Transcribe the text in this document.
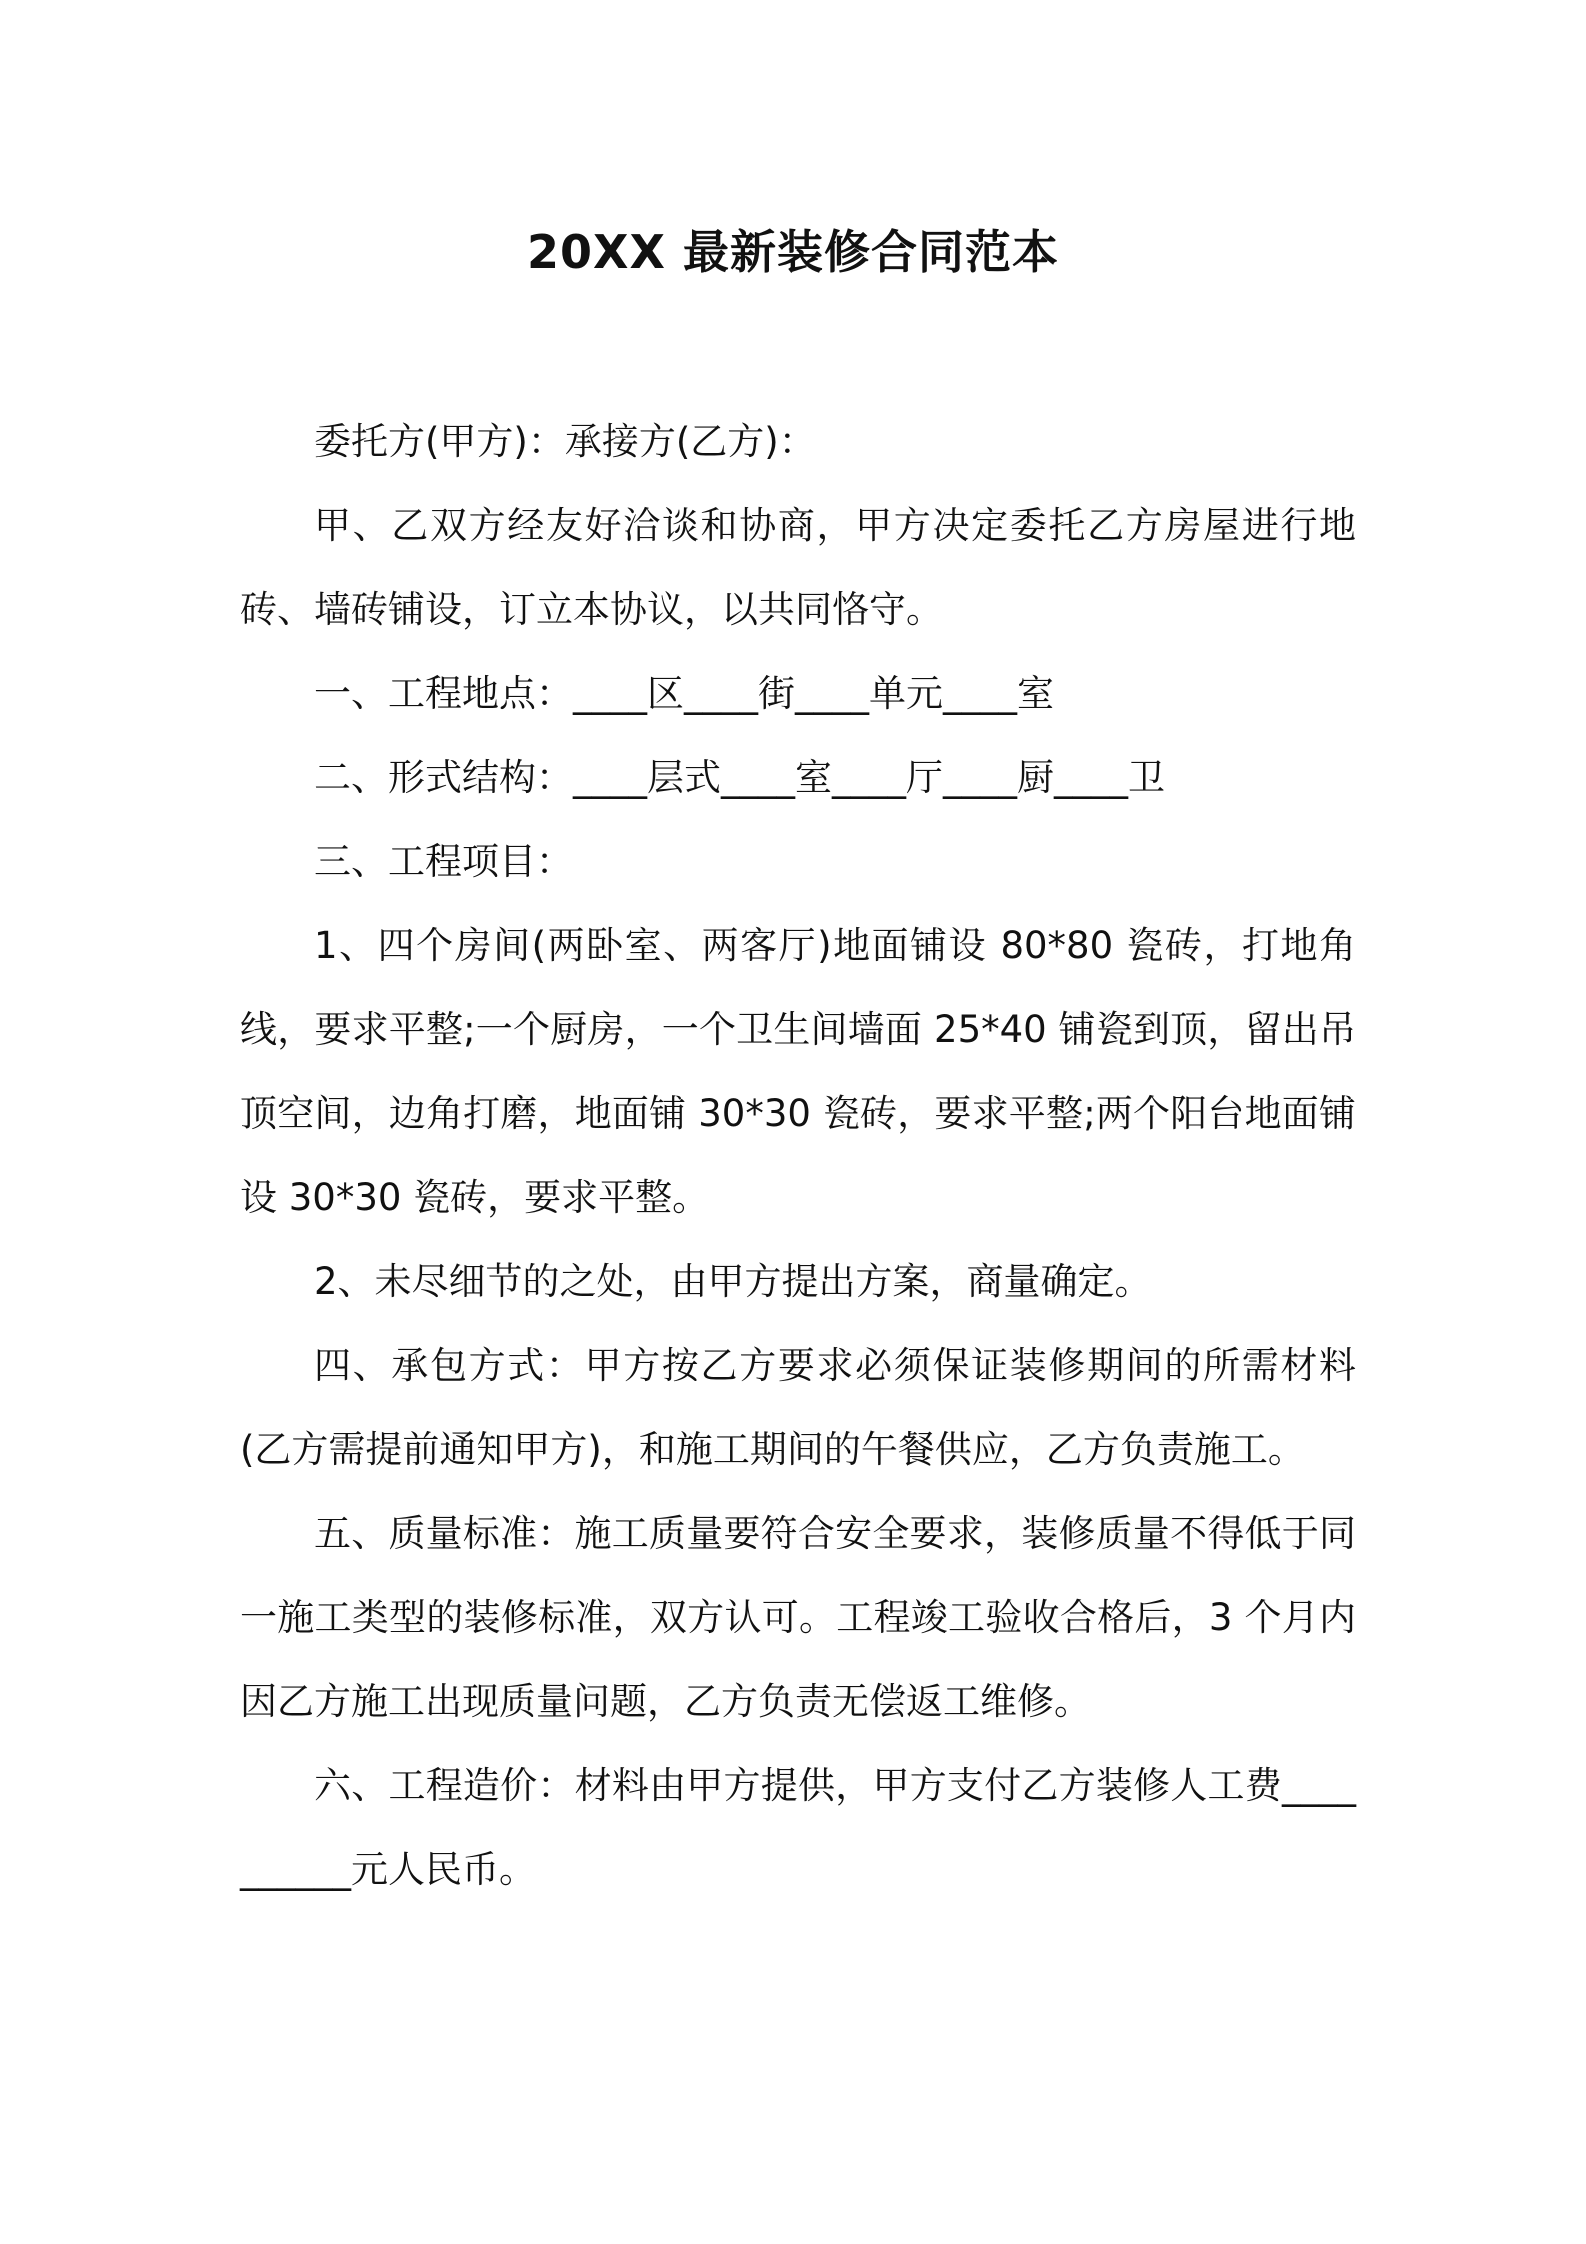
20XX 最新装修合同范本

委托方(甲方)：承接方(乙方)：

甲、乙双方经友好洽谈和协商，甲方决定委托乙方房屋进行地砖、墙砖铺设，订立本协议，以共同恪守。

一、工程地点：____区____街____单元____室

二、形式结构：____层式____室____厅____厨____卫

三、工程项目：

1、四个房间(两卧室、两客厅)地面铺设 80*80 瓷砖，打地角线，要求平整;一个厨房，一个卫生间墙面 25*40 铺瓷到顶，留出吊顶空间，边角打磨，地面铺 30*30 瓷砖，要求平整;两个阳台地面铺设 30*30 瓷砖，要求平整。

2、未尽细节的之处，由甲方提出方案，商量确定。

四、承包方式：甲方按乙方要求必须保证装修期间的所需材料(乙方需提前通知甲方)，和施工期间的午餐供应，乙方负责施工。

五、质量标准：施工质量要符合安全要求，装修质量不得低于同一施工类型的装修标准，双方认可。工程竣工验收合格后，3 个月内因乙方施工出现质量问题，乙方负责无偿返工维修。

六、工程造价：材料由甲方提供，甲方支付乙方装修人工费__________元人民币。
